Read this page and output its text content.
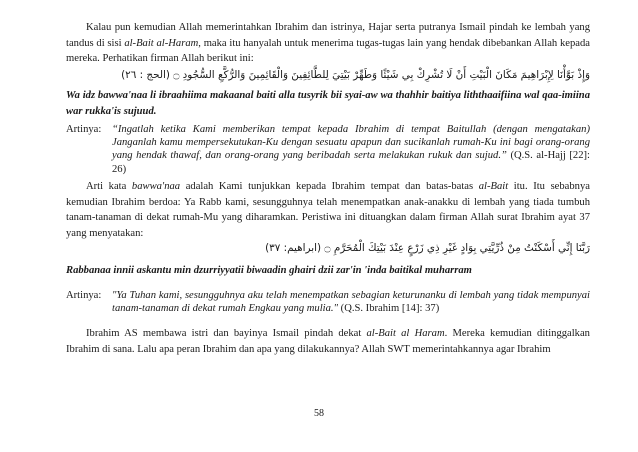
Kalau pun kemudian Allah memerintahkan Ibrahim dan istrinya, Hajar serta putranya Ismail pindah ke lembah yang tandus di sisi al-Bait al-Haram, maka itu hanyalah untuk menerima tugas-tugas lain yang hendak dibebankan Allah kepada mereka. Perhatikan firman Allah berikut ini:

وَإِذْ بَوَّأْنَا لِإِبْرَاهِيمَ مَكَانَ الْبَيْتِ أَنْ لَا تُشْرِكْ بِي شَيْئًا وَطَهِّرْ بَيْتِيَ لِلطَّائِفِينَ وَالْقَائِمِينَ وَالرُّكَّعِ السُّجُودِ ۝ (الحج : ٢٦)

Wa idz bawwa'naa li ibraahiima makaanal baiti alla tusyrik bii syai-aw wa thahhir baitiya liththaaifiina wal qaa-imiina war rukka'is sujuud.

Artinya: “Ingatlah ketika Kami memberikan tempat kepada Ibrahim di tempat Baitullah (dengan mengatakan) Janganlah kamu mempersekutukan-Ku dengan sesuatu apapun dan sucikanlah rumah-Ku ini bagi orang-orang yang hendak thawaf, dan orang-orang yang beribadah serta melakukan rukuk dan sujud.” (Q.S. al-Hajj [22]: 26)

Arti kata bawwa'naa adalah Kami tunjukkan kepada Ibrahim tempat dan batas-batas al-Bait itu. Itu sebabnya kemudian Ibrahim berdoa: Ya Rabb kami, sesungguhnya telah menempatkan anak-anakku di lembah yang tiada tumbuh tanam-tanaman di dekat rumah-Mu yang diharamkan. Peristiwa ini dituangkan dalam firman Allah surat Ibrahim ayat 37 yang menyatakan:

رَبَّنَا إِنِّي أَسْكَنْتُ مِنْ ذُرِّيَّتِي بِوَادٍ غَيْرِ ذِي زَرْعٍ عِنْدَ بَيْتِكَ الْمُحَرَّمِ ۝ (ابراهيم: ٣٧)

Rabbanaa innii askantu min dzurriyyatii biwaadin ghairi dzii zar'in 'inda baitikal muharram

Artinya: "Ya Tuhan kami, sesungguhnya aku telah menempatkan sebagian keturunanku di lembah yang tidak mempunyai tanam-tanaman di dekat rumah Engkau yang mulia." (Q.S. Ibrahim [14]: 37)

Ibrahim AS membawa istri dan bayinya Ismail pindah dekat al-Bait al Haram. Mereka kemudian ditinggalkan Ibrahim di sana. Lalu apa peran Ibrahim dan apa yang dilakukannya? Allah SWT memerintahkannya agar Ibrahim

58
